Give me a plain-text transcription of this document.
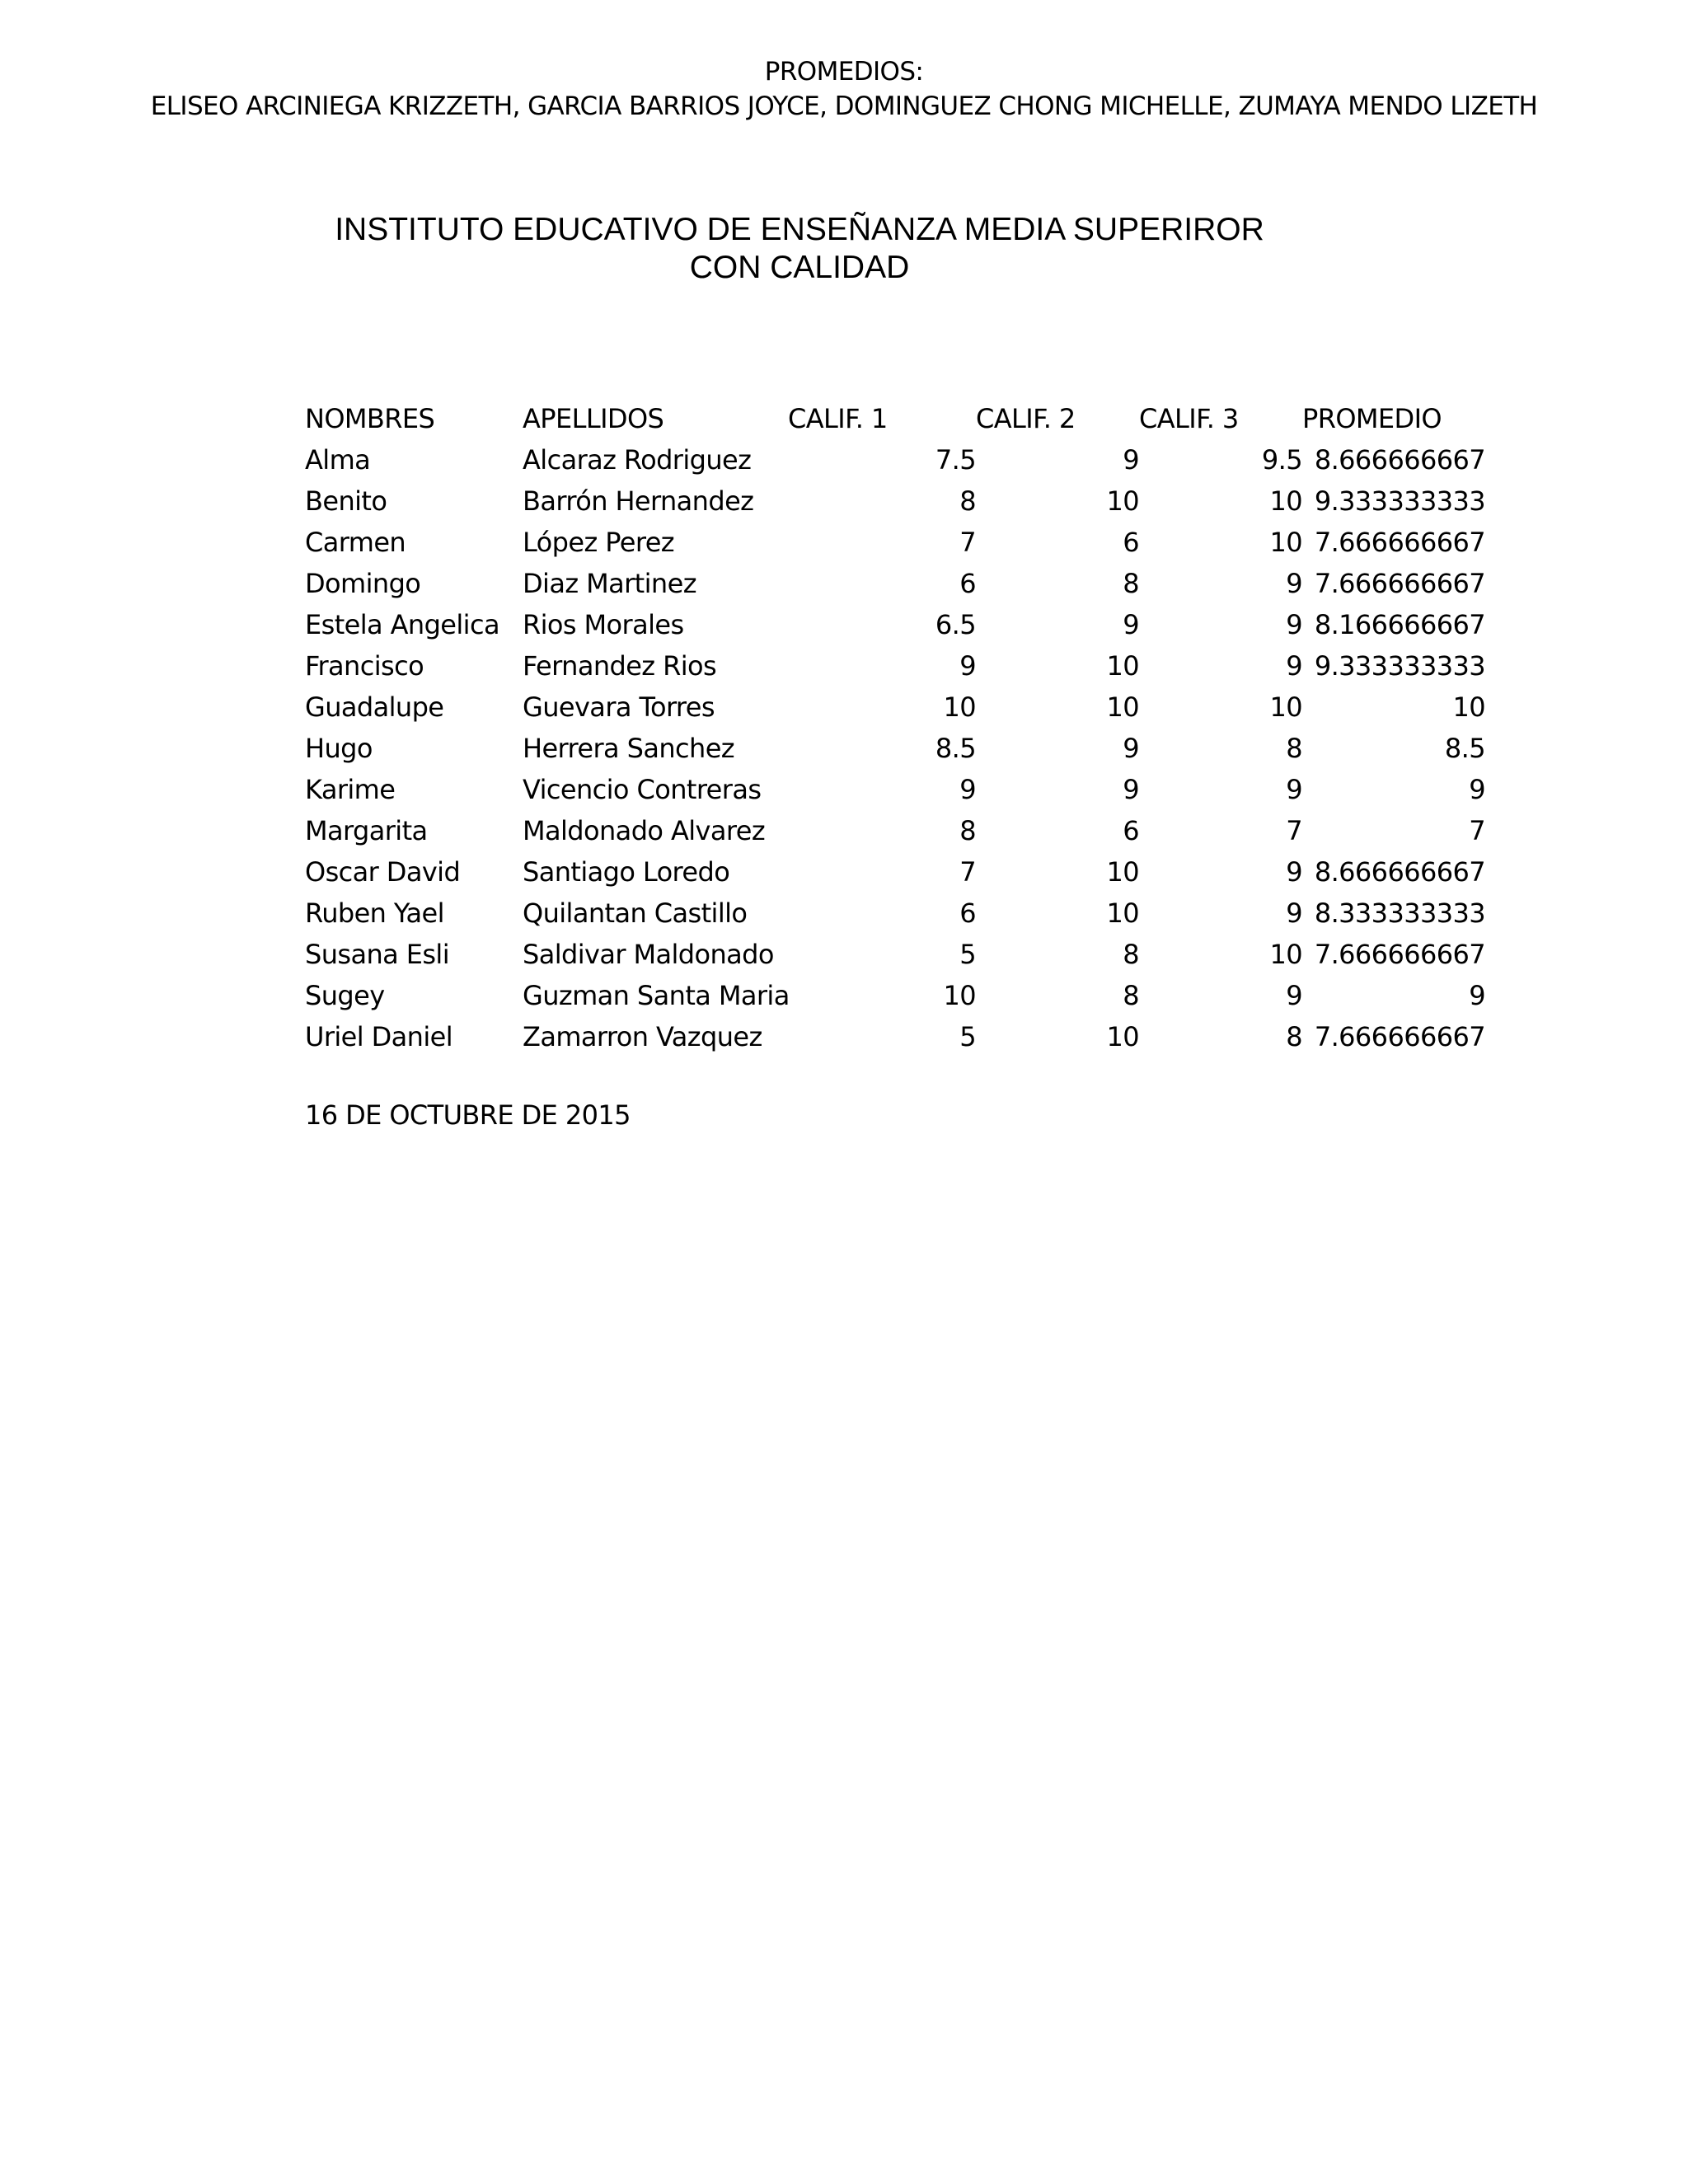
PROMEDIOS:
ELISEO ARCINIEGA KRIZZETH, GARCIA BARRIOS JOYCE, DOMINGUEZ CHONG MICHELLE, ZUMAYA MENDO LIZETH
INSTITUTO EDUCATIVO DE ENSEÑANZA MEDIA SUPERIROR
CON CALIDAD
NOMBRES	APELLIDOS	CALIF. 1	CALIF. 2	CALIF. 3	PROMEDIO
Alma	Alcaraz Rodriguez	7.5	9	9.5	8.666666667
Benito	Barrón Hernandez	8	10	10	9.333333333
Carmen	López Perez	7	6	10	7.666666667
Domingo	Diaz Martinez	6	8	9	7.666666667
Estela Angelica	Rios Morales	6.5	9	9	8.166666667
Francisco	Fernandez Rios	9	10	9	9.333333333
Guadalupe	Guevara Torres	10	10	10	10
Hugo	Herrera Sanchez	8.5	9	8	8.5
Karime	Vicencio Contreras	9	9	9	9
Margarita	Maldonado Alvarez	8	6	7	7
Oscar David	Santiago Loredo	7	10	9	8.666666667
Ruben Yael	Quilantan Castillo	6	10	9	8.333333333
Susana Esli	Saldivar Maldonado	5	8	10	7.666666667
Sugey	Guzman Santa Maria	10	8	9	9
Uriel Daniel	Zamarron Vazquez	5	10	8	7.666666667
16 DE OCTUBRE DE 2015
